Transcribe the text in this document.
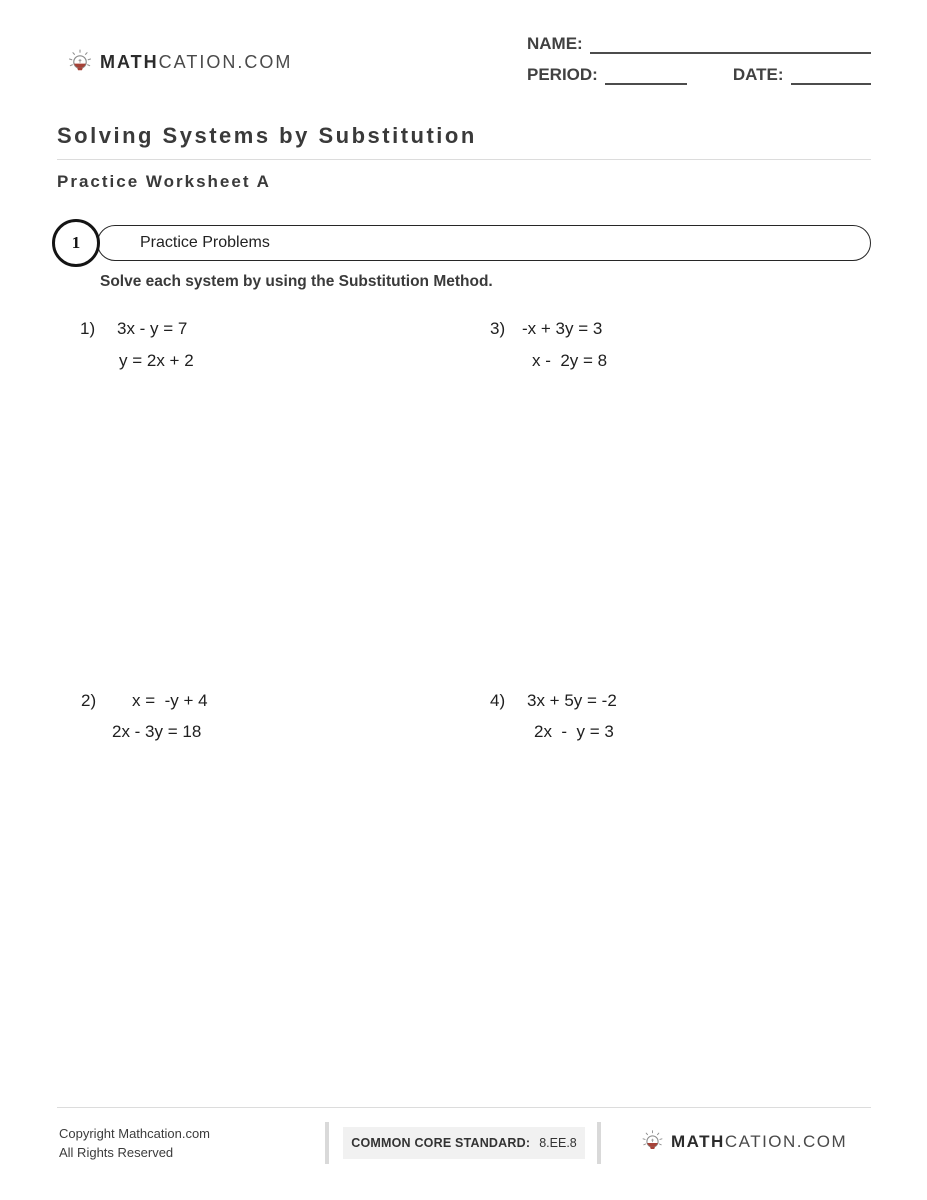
MATHCATION.COM
NAME:
PERIOD:	DATE:
Solving Systems by Substitution
Practice Worksheet A
Practice Problems
1
Solve each system by using the Substitution Method.
1) 3x - y = 7
y = 2x + 2
3) -x + 3y = 3
x -  2y = 8
2) x =  -y + 4
2x - 3y = 18
4) 3x + 5y = -2
2x  -  y = 3
Copyright Mathcation.com
All Rights Reserved
COMMON CORE STANDARD: 8.EE.8	MATHCATION.COM
